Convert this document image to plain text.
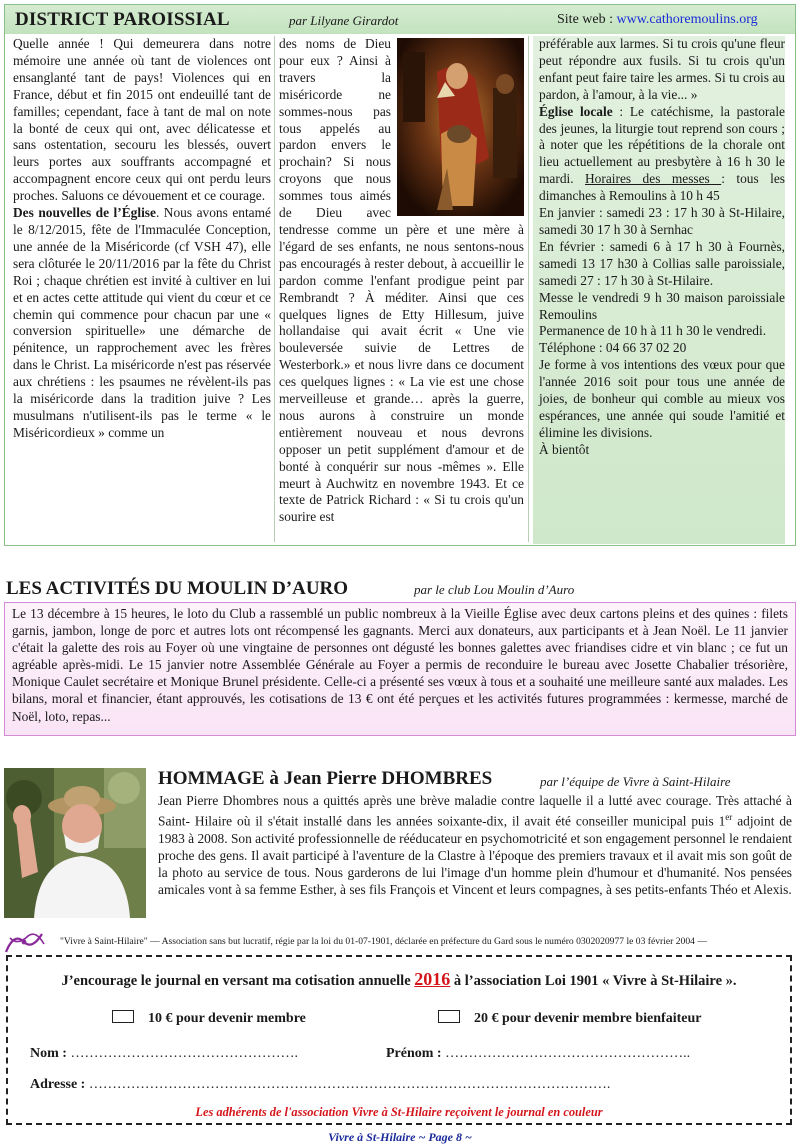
DISTRICT PAROISSIAL	par Lilyane Girardot	Site web : www.cathoremoulins.org

Quelle année ! Qui demeurera dans notre mémoire une année où tant de violences ont ensanglanté tant de pays! Violences qui en France, début et fin 2015 ont endeuillé tant de familles; cependant, face à tant de mal on note la bonté de ceux qui ont, avec délicatesse et sans ostentation, secouru les blessés, ouvert leurs portes aux souffrants accompagné et accompagnent encore ceux qui ont perdu leurs proches. Saluons ce dévouement et ce courage.

Des nouvelles de l’Église. Nous avons entamé le 8/12/2015, fête de l'Immaculée Conception, une année de la Miséricorde (cf VSH 47), elle sera clôturée le 20/11/2016 par la fête du Christ Roi ; chaque chrétien est invité à cultiver en lui et en actes cette attitude qui vient du cœur et ce chemin qui commence pour chacun par une « conversion spirituelle» une démarche de pénitence, un rapprochement avec les frères dans le Christ. La miséricorde n'est pas réservée aux chrétiens : les psaumes ne révèlent-ils pas la miséricorde dans la tradition juive ? Les musulmans n'utilisent-ils pas le terme « le Miséricordieux » comme un

des noms de Dieu pour eux ? Ainsi à travers la miséricorde ne sommes-nous pas tous appelés au pardon envers le prochain? Si nous croyons que nous sommes tous aimés de Dieu avec tendresse comme un père et une mère à l'égard de ses enfants, ne nous sentons-nous pas encouragés à rester debout, à accueillir le pardon comme l'enfant prodigue peint par Rembrandt ? À méditer. Ainsi que ces quelques lignes de Etty Hillesum, juive hollandaise qui avait écrit « Une vie bouleversée suivie de Lettres de Westerbork.» et nous livre dans ce document ces quelques lignes : « La vie est une chose merveilleuse et grande… après la guerre, nous aurons à construire un monde entièrement nouveau et nous devrons opposer un petit supplément d'amour et de bonté à conquérir sur nous -mêmes ». Elle meurt à Auchwitz en novembre 1943. Et ce texte de Patrick Richard : « Si tu crois qu'un sourire est

préférable aux larmes. Si tu crois qu'une fleur peut répondre aux fusils. Si tu crois qu'un enfant peut faire taire les armes. Si tu crois au pardon, à l'amour, à la vie... »

Église locale : Le catéchisme, la pastorale des jeunes, la liturgie tout reprend son cours ; à noter que les répétitions de la chorale ont lieu actuellement au presbytère à 16 h 30 le mardi. Horaires des messes : tous les dimanches à Remoulins à 10 h 45

En janvier : samedi 23 : 17 h 30 à St-Hilaire, samedi 30 17 h 30 à Sernhac

En février : samedi 6 à 17 h 30 à Fournès, samedi 13 17 h30 à Collias salle paroissiale, samedi 27 : 17 h 30 à St-Hilaire.

Messe le vendredi 9 h 30 maison paroissiale Remoulins

Permanence de 10 h à 11 h 30 le vendredi.

Téléphone : 04 66 37 02 20

Je forme à vos intentions des vœux pour que l'année 2016 soit pour tous une année de joies, de bonheur qui comble au mieux vos espérances, une année qui soude l'amitié et élimine les divisions.

À bientôt

LES ACTIVITÉS DU MOULIN D’AURO	par le club Lou Moulin d’Auro

Le 13 décembre à 15 heures, le loto du Club a rassemblé un public nombreux à la Vieille Église avec deux cartons pleins et des quines : filets garnis, jambon, longe de porc et autres lots ont récompensé les gagnants. Merci aux donateurs, aux participants et à Jean Noël. Le 11 janvier c'était la galette des rois au Foyer où une vingtaine de personnes ont dégusté les bonnes galettes avec friandises cidre et vin blanc ; ce fut un agréable après-midi. Le 15 janvier notre Assemblée Générale au Foyer a permis de reconduire le bureau avec Josette Chabalier trésorière, Monique Caulet secrétaire et Monique Brunel présidente. Celle-ci a présenté ses vœux à tous et a souhaité une meilleure santé aux malades. Les bilans, moral et financier, étant approuvés, les cotisations de 13 € ont été perçues et les activités futures programmées : kermesse, marché de Noël, loto, repas...

HOMMAGE à Jean Pierre DHOMBRES	par l’équipe de Vivre à Saint-Hilaire
Jean Pierre Dhombres nous a quittés après une brève maladie contre laquelle il a lutté avec courage. Très attaché à Saint- Hilaire où il s'était installé dans les années soixante-dix, il avait été conseiller municipal puis 1er adjoint de 1983 à 2008. Son activité professionnelle de rééducateur en psychomotricité et son engagement personnel le rendaient proche des gens. Il avait participé à l'aventure de la Clastre à l'époque des premiers travaux et il avait mis son goût de la photo au service de tous. Nous garderons de lui l'image d'un homme plein d'humour et d'humanité. Nos pensées amicales vont à sa femme Esther, à ses fils François et Vincent et leurs compagnes, à ses petits-enfants Théo et Alexis.
"Vivre à Saint-Hilaire" — Association sans but lucratif, régie par la loi du 01-07-1901, déclarée en préfecture du Gard sous le numéro 0302020977 le 03 février 2004 —
J’encourage le journal en versant ma cotisation annuelle 2016 à l’association Loi 1901 « Vivre à St-Hilaire ».
10 € pour devenir membre	20 € pour devenir membre bienfaiteur
Nom : ………………………………………….	Prénom : ……………………………………………..
Adresse : ………………………………………………………………………………………………….
Les adhérents de l'association Vivre à St-Hilaire reçoivent le journal en couleur
Vivre à St-Hilaire ~ Page 8 ~
